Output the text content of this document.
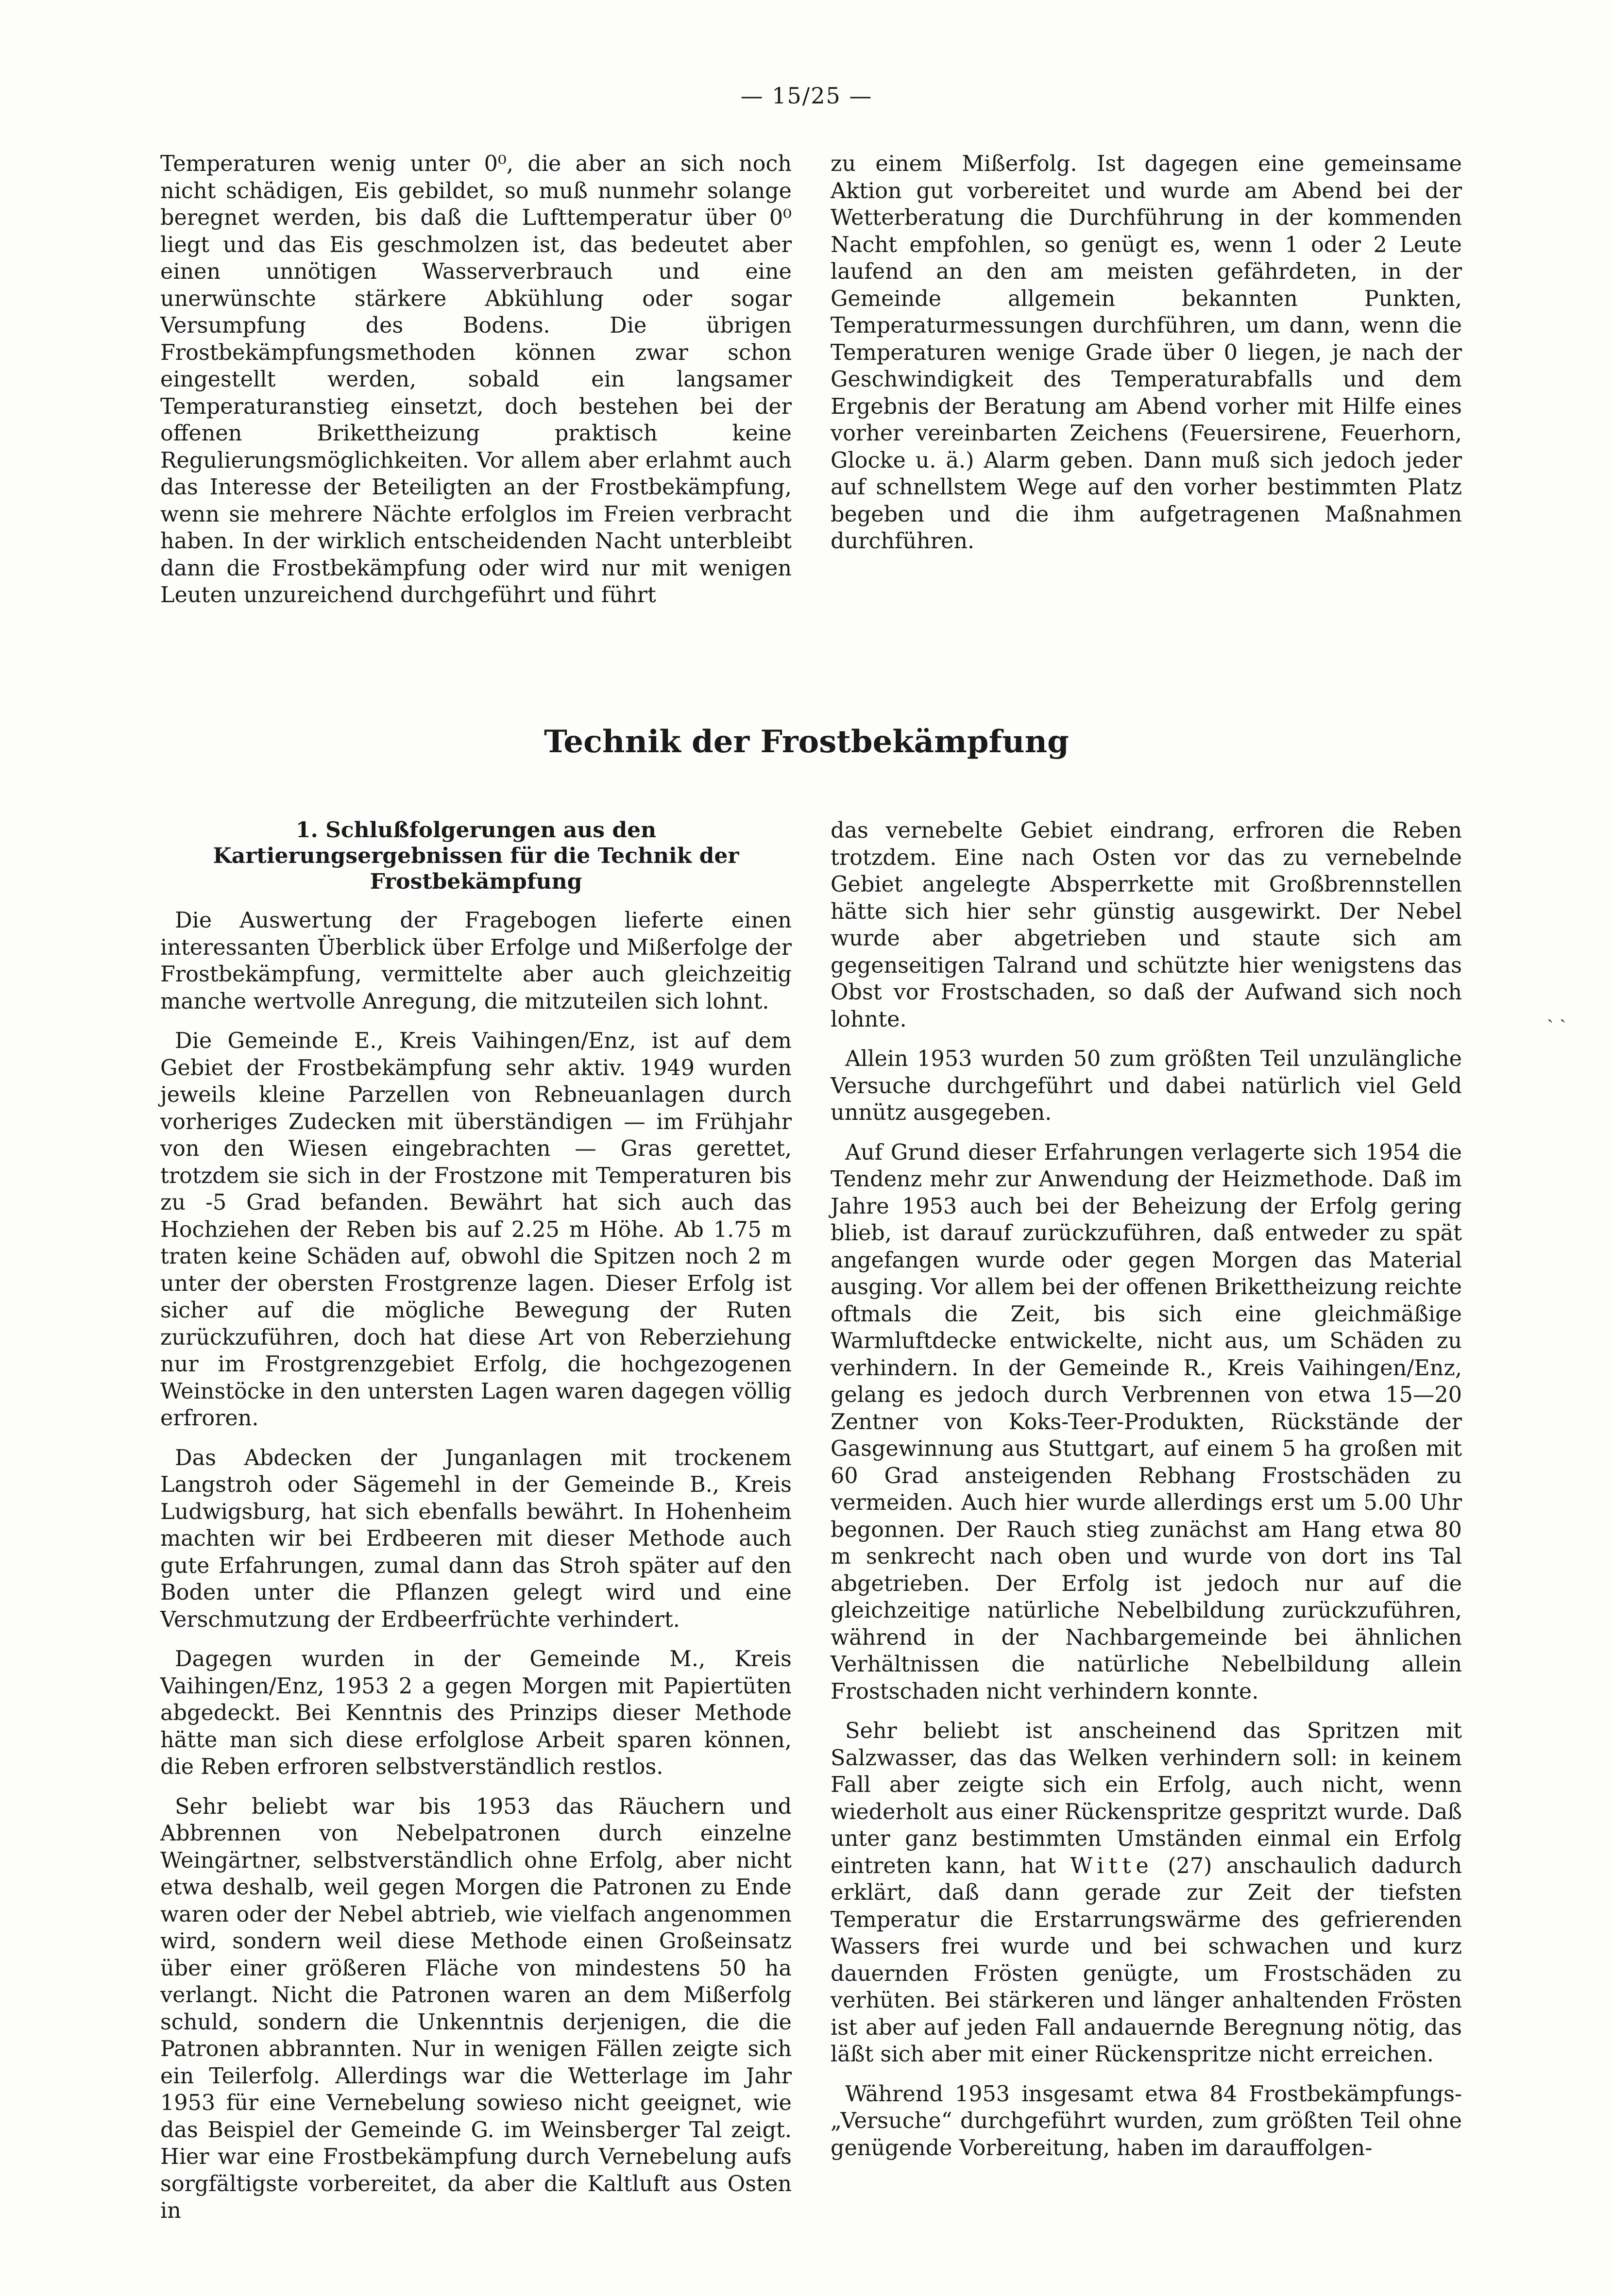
— 15/25 —

Temperaturen wenig unter 0⁰, die aber an sich noch nicht schädigen, Eis gebildet, so muß nunmehr solange beregnet werden, bis daß die Lufttemperatur über 0⁰ liegt und das Eis geschmolzen ist, das bedeutet aber einen unnötigen Wasserverbrauch und eine unerwünschte stärkere Abkühlung oder sogar Versumpfung des Bodens. Die übrigen Frostbekämpfungsmethoden können zwar schon eingestellt werden, sobald ein langsamer Temperaturanstieg einsetzt, doch bestehen bei der offenen Brikettheizung praktisch keine Regulierungsmöglichkeiten. Vor allem aber erlahmt auch das Interesse der Beteiligten an der Frostbekämpfung, wenn sie mehrere Nächte erfolglos im Freien verbracht haben. In der wirklich entscheidenden Nacht unterbleibt dann die Frostbekämpfung oder wird nur mit wenigen Leuten unzureichend durchgeführt und führt

zu einem Mißerfolg. Ist dagegen eine gemeinsame Aktion gut vorbereitet und wurde am Abend bei der Wetterberatung die Durchführung in der kommenden Nacht empfohlen, so genügt es, wenn 1 oder 2 Leute laufend an den am meisten gefährdeten, in der Gemeinde allgemein bekannten Punkten, Temperaturmessungen durchführen, um dann, wenn die Temperaturen wenige Grade über 0 liegen, je nach der Geschwindigkeit des Temperaturabfalls und dem Ergebnis der Beratung am Abend vorher mit Hilfe eines vorher vereinbarten Zeichens (Feuersirene, Feuerhorn, Glocke u. ä.) Alarm geben. Dann muß sich jedoch jeder auf schnellstem Wege auf den vorher bestimmten Platz begeben und die ihm aufgetragenen Maßnahmen durchführen.

Technik der Frostbekämpfung
1. Schlußfolgerungen aus den Kartierungsergebnissen für die Technik der Frostbekämpfung

Die Auswertung der Fragebogen lieferte einen interessanten Überblick über Erfolge und Mißerfolge der Frostbekämpfung, vermittelte aber auch gleichzeitig manche wertvolle Anregung, die mitzuteilen sich lohnt.

Die Gemeinde E., Kreis Vaihingen/Enz, ist auf dem Gebiet der Frostbekämpfung sehr aktiv. 1949 wurden jeweils kleine Parzellen von Rebneuanlagen durch vorheriges Zudecken mit überständigen — im Frühjahr von den Wiesen eingebrachten — Gras gerettet, trotzdem sie sich in der Frostzone mit Temperaturen bis zu -5 Grad befanden. Bewährt hat sich auch das Hochziehen der Reben bis auf 2.25 m Höhe. Ab 1.75 m traten keine Schäden auf, obwohl die Spitzen noch 2 m unter der obersten Frostgrenze lagen. Dieser Erfolg ist sicher auf die mögliche Bewegung der Ruten zurückzuführen, doch hat diese Art von Reberziehung nur im Frostgrenzgebiet Erfolg, die hochgezogenen Weinstöcke in den untersten Lagen waren dagegen völlig erfroren.

Das Abdecken der Junganlagen mit trockenem Langstroh oder Sägemehl in der Gemeinde B., Kreis Ludwigsburg, hat sich ebenfalls bewährt. In Hohenheim machten wir bei Erdbeeren mit dieser Methode auch gute Erfahrungen, zumal dann das Stroh später auf den Boden unter die Pflanzen gelegt wird und eine Verschmutzung der Erdbeerfrüchte verhindert.

Dagegen wurden in der Gemeinde M., Kreis Vaihingen/Enz, 1953 2 a gegen Morgen mit Papiertüten abgedeckt. Bei Kenntnis des Prinzips dieser Methode hätte man sich diese erfolglose Arbeit sparen können, die Reben erfroren selbstverständlich restlos.

Sehr beliebt war bis 1953 das Räuchern und Abbrennen von Nebelpatronen durch einzelne Weingärtner, selbstverständlich ohne Erfolg, aber nicht etwa deshalb, weil gegen Morgen die Patronen zu Ende waren oder der Nebel abtrieb, wie vielfach angenommen wird, sondern weil diese Methode einen Großeinsatz über einer größeren Fläche von mindestens 50 ha verlangt. Nicht die Patronen waren an dem Mißerfolg schuld, sondern die Unkenntnis derjenigen, die die Patronen abbrannten. Nur in wenigen Fällen zeigte sich ein Teilerfolg. Allerdings war die Wetterlage im Jahr 1953 für eine Vernebelung sowieso nicht geeignet, wie das Beispiel der Gemeinde G. im Weinsberger Tal zeigt. Hier war eine Frostbekämpfung durch Vernebelung aufs sorgfältigste vorbereitet, da aber die Kaltluft aus Osten in

das vernebelte Gebiet eindrang, erfroren die Reben trotzdem. Eine nach Osten vor das zu vernebelnde Gebiet angelegte Absperrkette mit Großbrennstellen hätte sich hier sehr günstig ausgewirkt. Der Nebel wurde aber abgetrieben und staute sich am gegenseitigen Talrand und schützte hier wenigstens das Obst vor Frostschaden, so daß der Aufwand sich noch lohnte.

Allein 1953 wurden 50 zum größten Teil unzulängliche Versuche durchgeführt und dabei natürlich viel Geld unnütz ausgegeben.

Auf Grund dieser Erfahrungen verlagerte sich 1954 die Tendenz mehr zur Anwendung der Heizmethode. Daß im Jahre 1953 auch bei der Beheizung der Erfolg gering blieb, ist darauf zurückzuführen, daß entweder zu spät angefangen wurde oder gegen Morgen das Material ausging. Vor allem bei der offenen Brikettheizung reichte oftmals die Zeit, bis sich eine gleichmäßige Warmluftdecke entwickelte, nicht aus, um Schäden zu verhindern. In der Gemeinde R., Kreis Vaihingen/Enz, gelang es jedoch durch Verbrennen von etwa 15—20 Zentner von Koks-Teer-Produkten, Rückstände der Gasgewinnung aus Stuttgart, auf einem 5 ha großen mit 60 Grad ansteigenden Rebhang Frostschäden zu vermeiden. Auch hier wurde allerdings erst um 5.00 Uhr begonnen. Der Rauch stieg zunächst am Hang etwa 80 m senkrecht nach oben und wurde von dort ins Tal abgetrieben. Der Erfolg ist jedoch nur auf die gleichzeitige natürliche Nebelbildung zurückzuführen, während in der Nachbargemeinde bei ähnlichen Verhältnissen die natürliche Nebelbildung allein Frostschaden nicht verhindern konnte.

Sehr beliebt ist anscheinend das Spritzen mit Salzwasser, das das Welken verhindern soll: in keinem Fall aber zeigte sich ein Erfolg, auch nicht, wenn wiederholt aus einer Rückenspritze gespritzt wurde. Daß unter ganz bestimmten Umständen einmal ein Erfolg eintreten kann, hat Witte (27) anschaulich dadurch erklärt, daß dann gerade zur Zeit der tiefsten Temperatur die Erstarrungswärme des gefrierenden Wassers frei wurde und bei schwachen und kurz dauernden Frösten genügte, um Frostschäden zu verhüten. Bei stärkeren und länger anhaltenden Frösten ist aber auf jeden Fall andauernde Beregnung nötig, das läßt sich aber mit einer Rückenspritze nicht erreichen.

Während 1953 insgesamt etwa 84 Frostbekämpfungs-„Versuche“ durchgeführt wurden, zum größten Teil ohne genügende Vorbereitung, haben im darauffolgen-

ˎ ˏ
